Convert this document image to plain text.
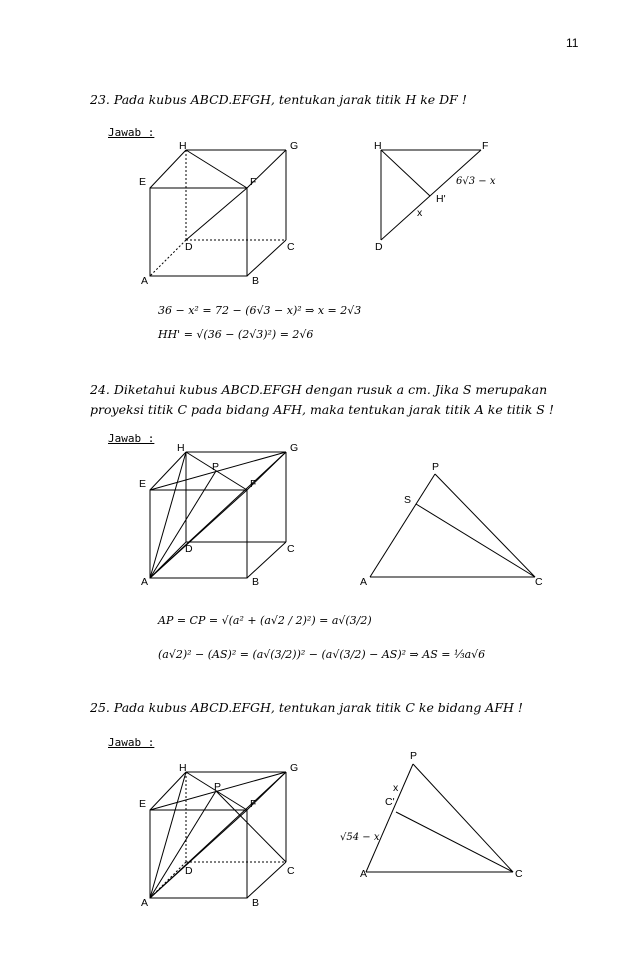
11
23. Pada kubus ABCD.EFGH, tentukan jarak titik H ke DF !
Jawab :
H	G
E	F
D	C
A	B
H	F
H'
x
D
6√3 − x
36 − x² = 72 − (6√3 − x)² ⇒ x = 2√3
HH' = √(36 − (2√3)²) = 2√6
24. Diketahui kubus ABCD.EFGH dengan rusuk a cm. Jika S merupakan proyeksi titik C pada bidang AFH, maka tentukan jarak titik A ke titik S !
Jawab :
H
P
G
E	F
D	C
A	B
P
S
A	C
AP = CP = √(a² + (a√2 / 2)²) = a√(3/2)
(a√2)² − (AS)² = (a√(3/2))² − (a√(3/2) − AS)² ⇒ AS = ⅓a√6
25. Pada kubus ABCD.EFGH, tentukan jarak titik C ke bidang AFH !
Jawab :
H
P
G
E	F
D	C
A	B
P
x
C'
√54 − x
A	C
